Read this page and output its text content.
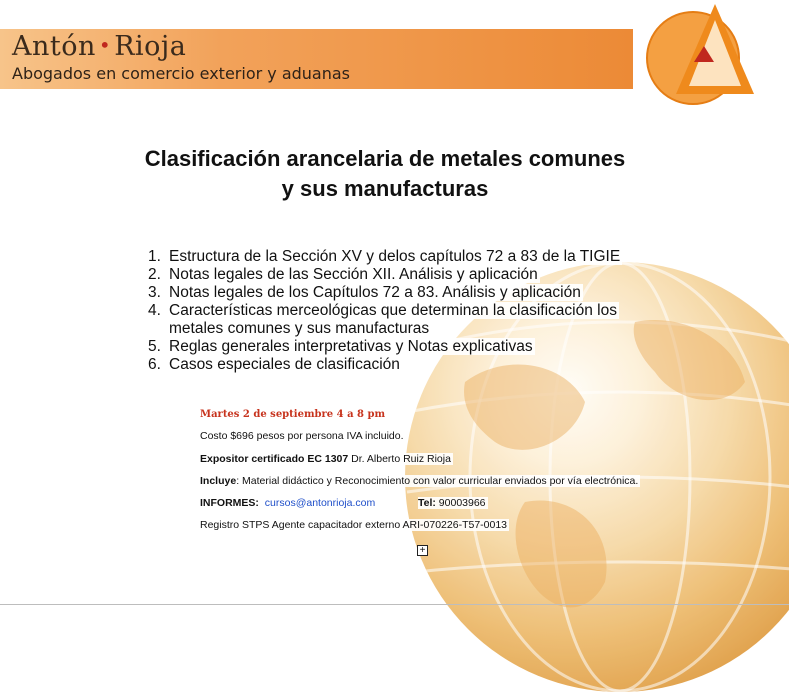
Antón • Rioja
Abogados en comercio exterior y aduanas
Clasificación arancelaria de metales comunes
y sus manufacturas
1. Estructura de la Sección XV y delos capítulos 72 a 83 de la TIGIE
2. Notas legales de las Sección XII. Análisis y aplicación
3. Notas legales de los Capítulos 72 a 83. Análisis y aplicación
4. Características merceológicas que determinan la clasificación los
metales comunes y sus manufacturas
5. Reglas generales interpretativas y Notas explicativas
6. Casos especiales de clasificación
Martes 2 de septiembre 4 a 8 pm
Costo $696 pesos por persona IVA incluido.
Expositor certificado EC 1307 Dr. Alberto Ruiz Rioja
Incluye: Material didáctico y Reconocimiento con valor curricular enviados por vía electrónica.
INFORMES: cursos@antonrioja.com	Tel: 90003966
Registro STPS Agente capacitador externo ARI-070226-T57-0013
+
